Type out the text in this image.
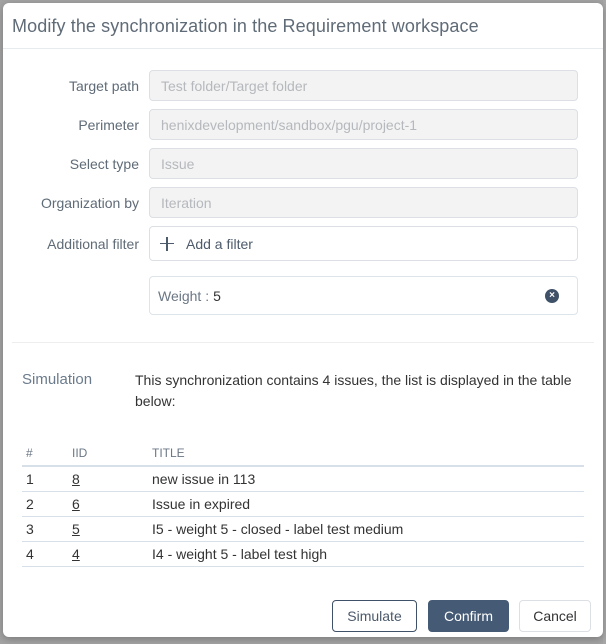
Modify the synchronization in the Requirement workspace
Target path	Test folder/Target folder
Perimeter	henixdevelopment/sandbox/pgu/project-1
Select type	Issue
Organization by	Iteration
Additional filter	Add a filter
Weight : 5	×
Simulation	This synchronization contains 4 issues, the list is displayed in the table below:
#	IID	TITLE
1	8	new issue in 113
2	6	Issue in expired
3	5	I5 - weight 5 - closed - label test medium
4	4	I4 - weight 5 - label test high
Simulate	Confirm	Cancel
